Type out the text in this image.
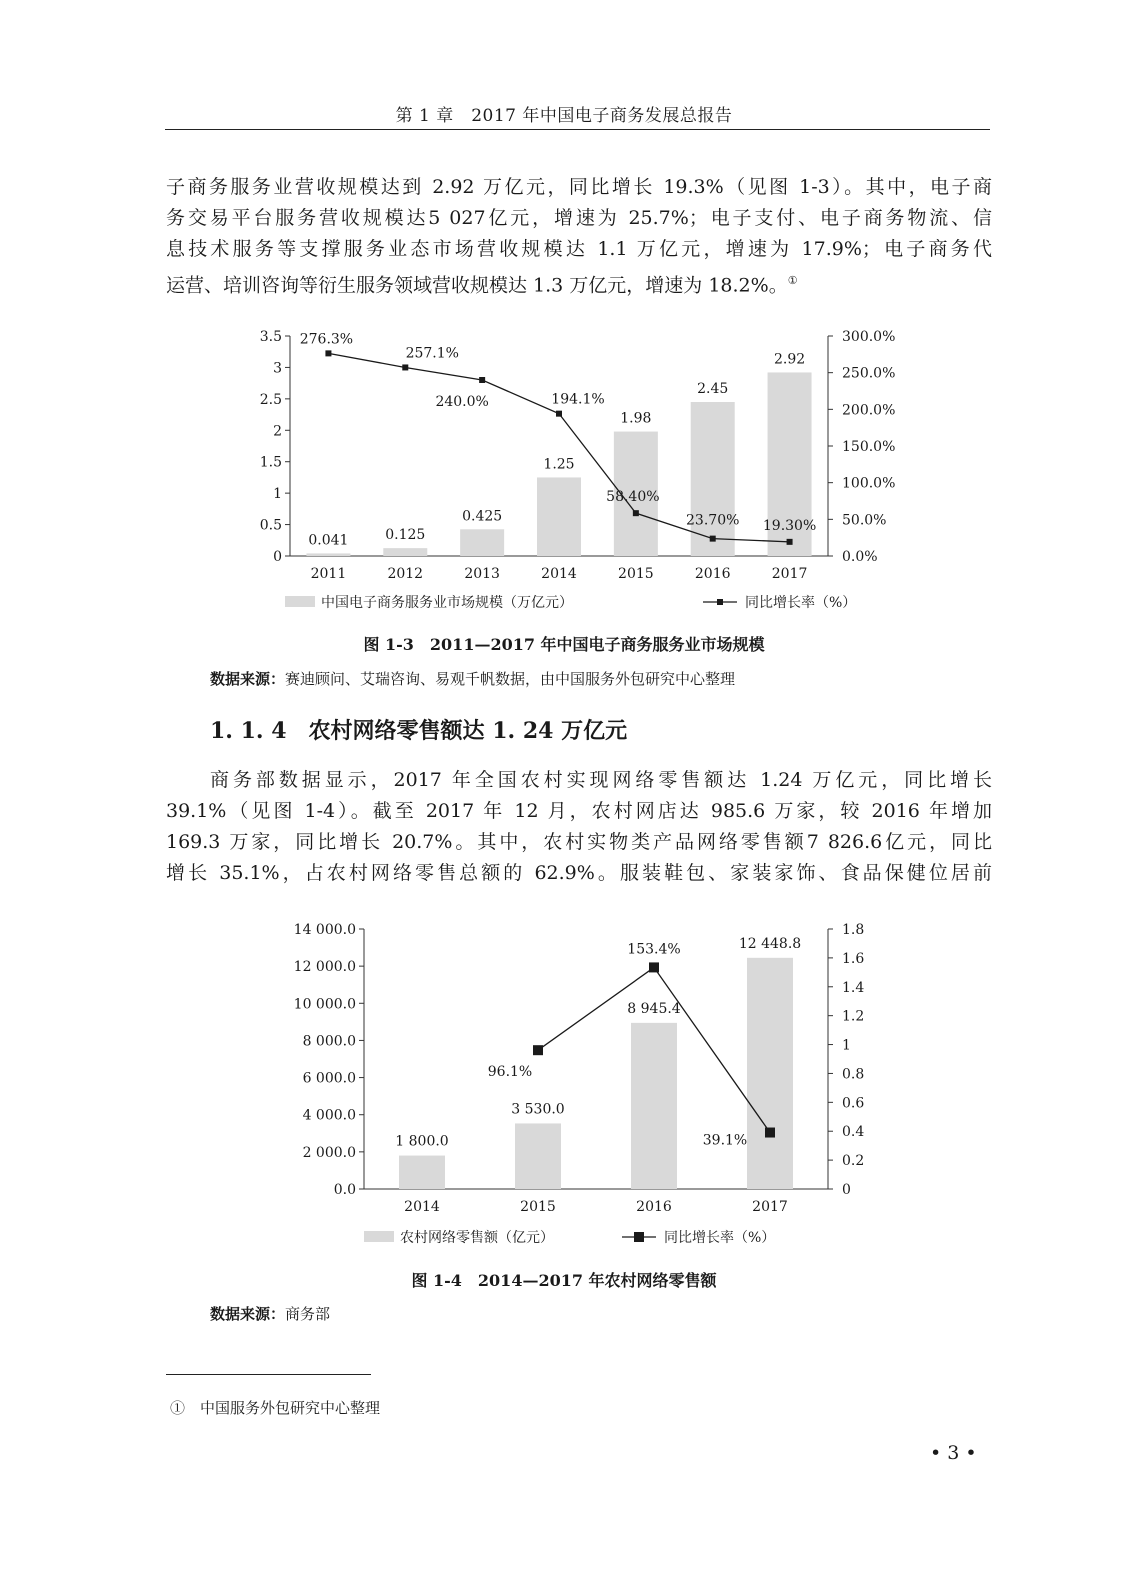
第 1 章　2017 年中国电子商务发展总报告
子商务服务业营收规模达到 2.92 万亿元，同比增长 19.3%（见图 1-3）。其中，电子商
务交易平台服务营收规模达5 027亿元，增速为 25.7%；电子支付、电子商务物流、信
息技术服务等支撑服务业态市场营收规模达 1.1 万亿元，增速为 17.9%；电子商务代
运营、培训咨询等衍生服务领域营收规模达 1.3 万亿元，增速为 18.2%。①
0
0.5
1
1.5
2
2.5
3
3.5
0.0%
50.0%
100.0%
150.0%
200.0%
250.0%
300.0%
0.041	0.125
0.425
1.25
1.98
2.45
2.92
2011	2012	2013	2014	2015	2016	2017
276.3%
257.1%
240.0%	194.1%
58.40%
23.70% 19.30%
中国电子商务服务业市场规模（万亿元）	同比增长率（%）
图 1-3　2011—2017 年中国电子商务服务业市场规模
数据来源：赛迪顾问、艾瑞咨询、易观千帆数据，由中国服务外包研究中心整理
1. 1. 4　农村网络零售额达 1. 24 万亿元
商务部数据显示，2017 年全国农村实现网络零售额达 1.24 万亿元，同比增长
39.1%（见图 1-4）。截至 2017 年 12 月，农村网店达 985.6 万家，较 2016 年增加
169.3 万家，同比增长 20.7%。其中，农村实物类产品网络零售额7 826.6亿元，同比
增长 35.1%，占农村网络零售总额的 62.9%。服装鞋包、家装家饰、食品保健位居前
0.0
2 000.0
4 000.0
6 000.0
8 000.0
10 000.0
12 000.0
14 000.0
0
0.2
0.4
0.6
0.8
1
1.2
1.4
1.6
1.8
1 800.0
3 530.0
8 945.4
12 448.8
2014	2015	2016	2017
96.1%
153.4%
39.1%
农村网络零售额（亿元）	同比增长率（%）
图 1-4　2014—2017 年农村网络零售额
数据来源：商务部
①　 中国服务外包研究中心整理
• 3 •
